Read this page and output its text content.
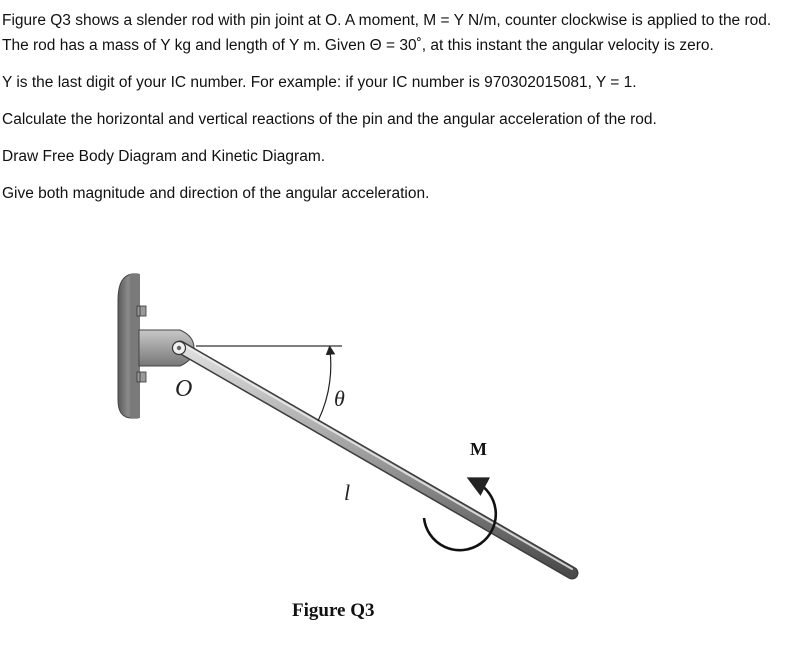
Figure Q3 shows a slender rod with pin joint at O. A moment, M = Y N/m, counter clockwise is applied to the rod. The rod has a mass of Y kg and length of Y m. Given Θ = 30˚, at this instant the angular velocity is zero.

Y is the last digit of your IC number. For example: if your IC number is 970302015081, Y = 1.

Calculate the horizontal and vertical reactions of the pin and the angular acceleration of the rod.

Draw Free Body Diagram and Kinetic Diagram.

Give both magnitude and direction of the angular acceleration.

O	θ
l
M
Figure Q3
